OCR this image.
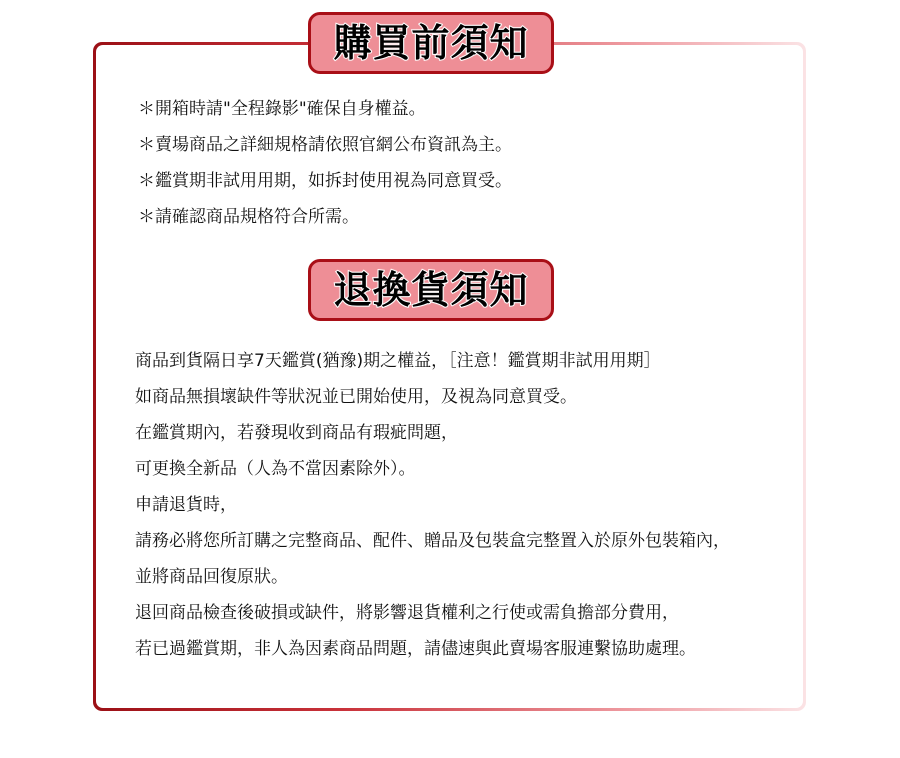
購買前須知
＊開箱時請"全程錄影"確保自身權益。
＊賣場商品之詳細規格請依照官網公布資訊為主。
＊鑑賞期非試用用期，如拆封使用視為同意買受。
＊請確認商品規格符合所需。
退換貨須知
商品到貨隔日享7天鑑賞(猶豫)期之權益，［注意！鑑賞期非試用用期］
如商品無損壞缺件等狀況並已開始使用，及視為同意買受。
在鑑賞期內，若發現收到商品有瑕疵問題，
可更換全新品（人為不當因素除外）。
申請退貨時，
請務必將您所訂購之完整商品、配件、贈品及包裝盒完整置入於原外包裝箱內，
並將商品回復原狀。
退回商品檢查後破損或缺件，將影響退貨權利之行使或需負擔部分費用，
若已過鑑賞期，非人為因素商品問題，請儘速與此賣場客服連繫協助處理。
